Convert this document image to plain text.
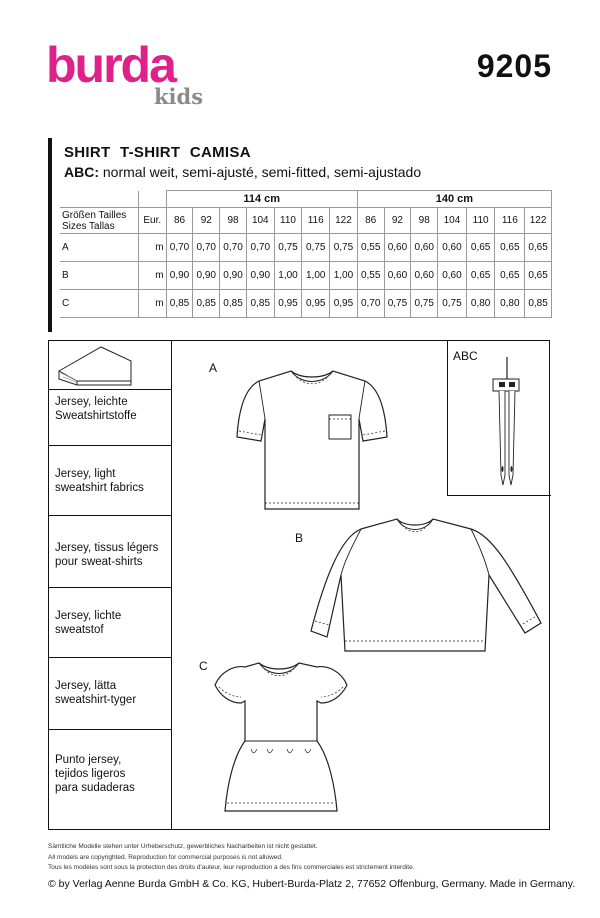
burda
kids
9205
SHIRT T-SHIRT CAMISA
ABC: normal weit, semi-ajusté, semi-fitted, semi-ajustado
		114 cm							140 cm						

Größen Tailles
Sizes Tallas	Eur.	86	92	98	104	110	116	122	86	92	98	104	110	116	122
A	m	0,70	0,70	0,70	0,70	0,75	0,75	0,75	0,55	0,60	0,60	0,60	0,65	0,65	0,65
B	m	0,90	0,90	0,90	0,90	1,00	1,00	1,00	0,55	0,60	0,60	0,60	0,65	0,65	0,65
C	m	0,85	0,85	0,85	0,85	0,95	0,95	0,95	0,70	0,75	0,75	0,75	0,80	0,80	0,85
Jersey, leichte
Sweatshirtstoffe
Jersey, light
sweatshirt fabrics
Jersey, tissus légers
pour sweat-shirts
Jersey, lichte
sweatstof
Jersey, lätta
sweatshirt-tyger
Punto jersey,
tejidos ligeros
para sudaderas
ABC
A
B
C
Sämtliche Modelle stehen unter Urheberschutz, gewerbliches Nacharbeiten ist nicht gestattet.
All models are copyrighted. Reproduction for commercial purposes is not allowed.
Tous les modèles sont sous la protection des droits d'auteur, leur reproduction a des fins commerciales est strictement interdite.
© by Verlag Aenne Burda GmbH & Co. KG, Hubert-Burda-Platz 2, 77652 Offenburg, Germany. Made in Germany.
